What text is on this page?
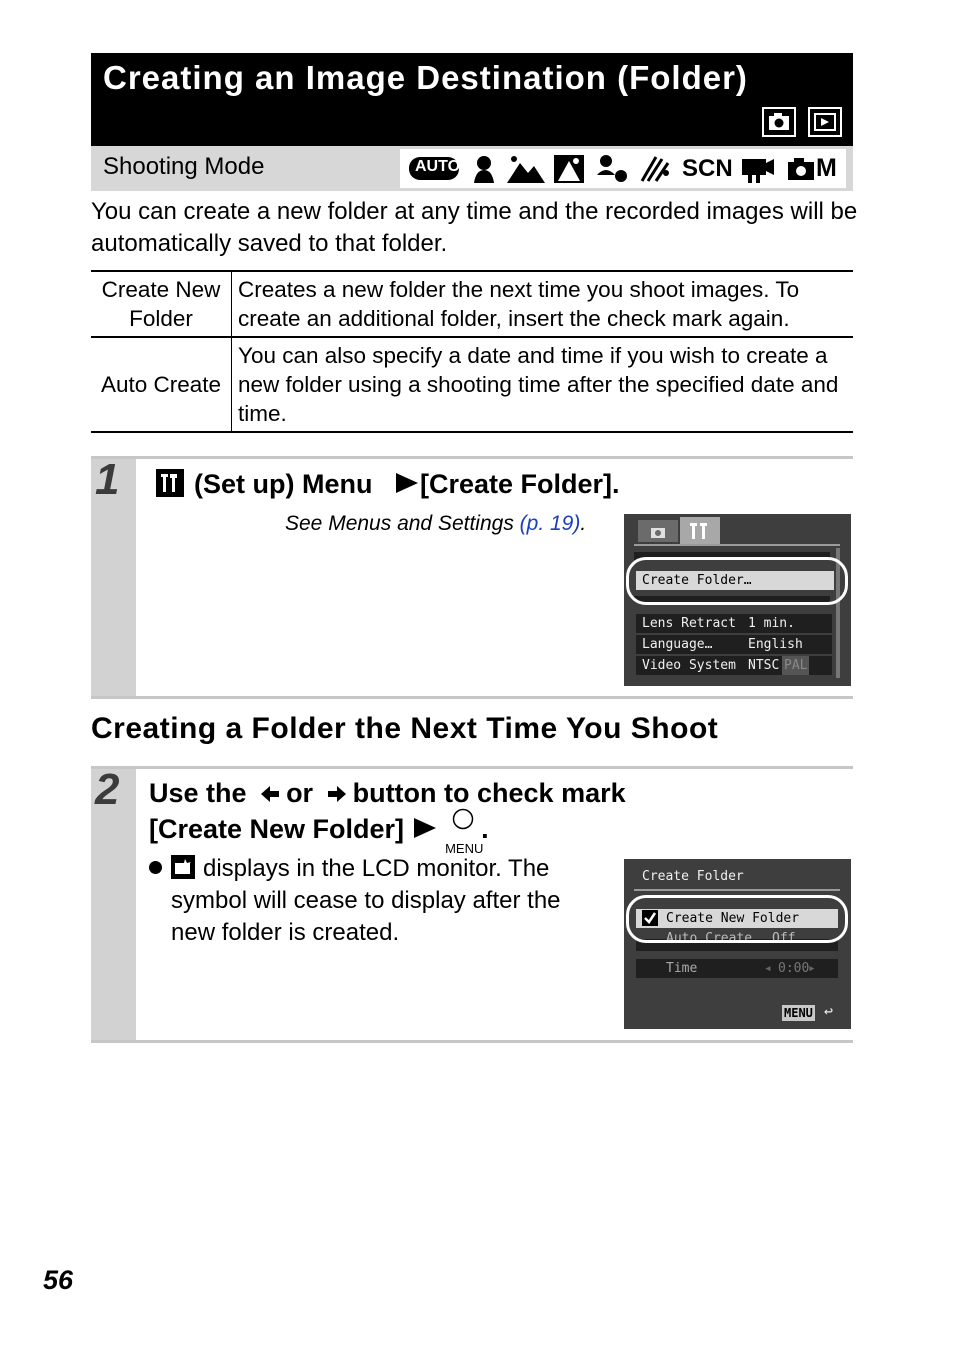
Creating an Image Destination (Folder)
Shooting Mode	AUTO	SCN	M
You can create a new folder at any time and the recorded images will be automatically saved to that folder.
Create New Folder	Creates a new folder the next time you shoot images. To create an additional folder, insert the check mark again.
Auto Create	You can also specify a date and time if you wish to create a new folder using a shooting time after the specified date and time.
1	(Set up) Menu [Create Folder].
See Menus and Settings (p. 19).
Create Folder…
Lens Retract 1 min.
Language…	English
Video System NTSC PAL
Creating a Folder the Next Time You Shoot
2 Use the or button to check mark
[Create New Folder]
MENU
.
displays in the LCD monitor. The symbol will cease to display after the new folder is created.
Create Folder
Create New Folder
Auto Create Off
Time	◂ 0:00
▸
MENU ↩
56
